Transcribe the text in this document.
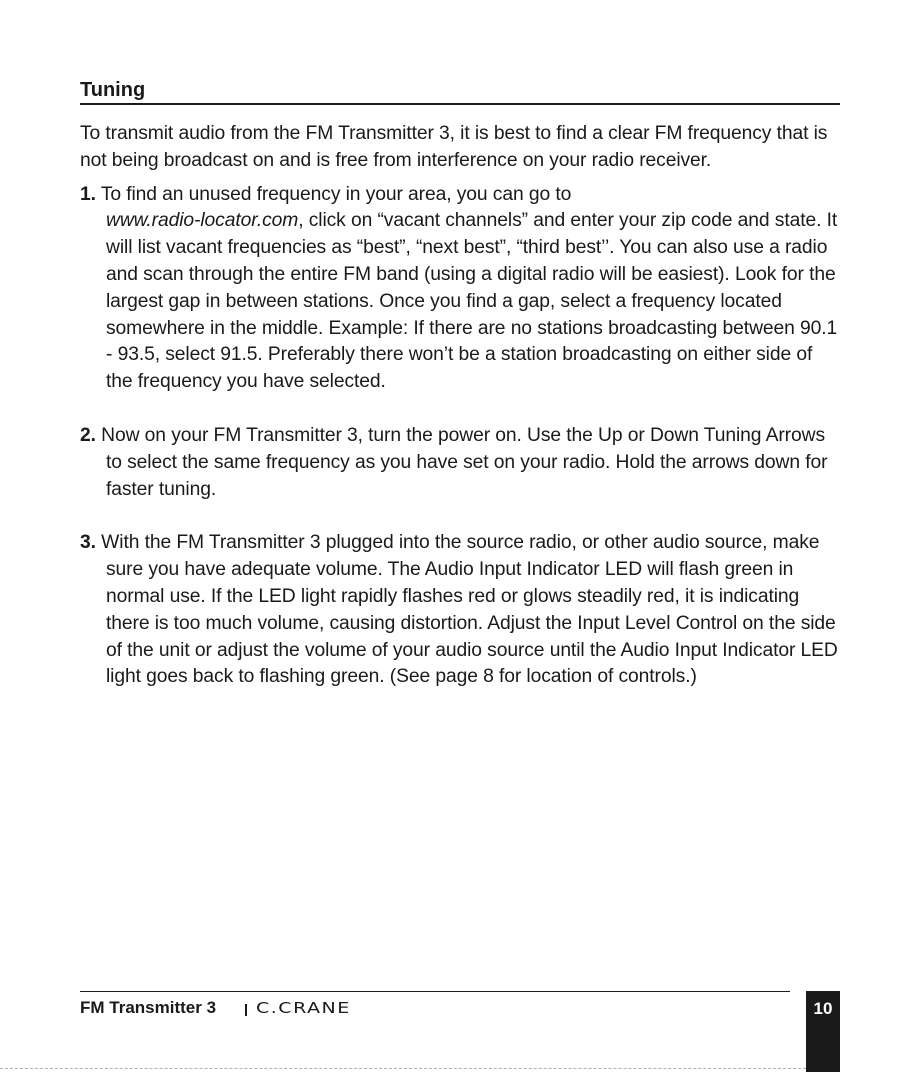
Tuning

To transmit audio from the FM Transmitter 3, it is best to find a clear FM frequency that is not being broadcast on and is free from interference on your radio receiver.

1. To find an unused frequency in your area, you can go to
www.radio-locator.com, click on “vacant channels” and enter your zip code and state. It will list vacant frequencies as “best”, “next best”, “third best’’. You can also use a radio and scan through the entire FM band (using a digital radio will be easiest). Look for the largest gap in between stations. Once you find a gap, select a frequency located somewhere in the middle. Example: If there are no stations broadcasting between 90.1 - 93.5, select 91.5. Preferably there won’t be a station broadcasting on either side of the frequency you have selected.

2. Now on your FM Transmitter 3, turn the power on. Use the Up or Down Tuning Arrows to select the same frequency as you have set on your radio. Hold the arrows down for faster tuning.

3. With the FM Transmitter 3 plugged into the source radio, or other audio source, make sure you have adequate volume. The Audio Input Indicator LED will flash green in normal use. If the LED light rapidly flashes red or glows steadily red, it is indicating there is too much volume, causing distortion. Adjust the Input Level Control on the side of the unit or adjust the volume of your audio source until the Audio Input Indicator LED light goes back to flashing green. (See page 8 for location of controls.)

FM Transmitter 3 C.CRANE	10
